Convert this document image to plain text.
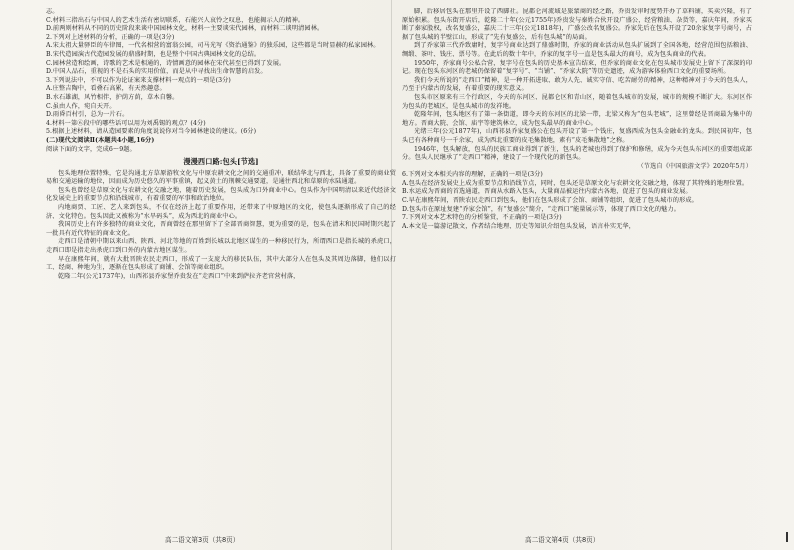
志。

C.材料三指出石与中国人的艺术生活有密切联系，石能兴人哀怜之叹息，也能揭示人的精神。

D.前两则材料从不同的历史阶段来谈中国园林文化，材料一主要谈宋代园林，而材料二谈明清园林。

2.下列对上述材料的分析，正确的一项是(3分)

A.宋太祖大量驿臣的车律图，一代名相营的富翁公园，司马光写《资治通鉴》的独乐园，这些都是当时显赫的私家园林。

B.宋代造园演古代造园发展的鼎盛时期，也是整个中国古典园林文化的总结。

C.园林营造和绘画，诗歌的艺术是相通的，诗情画意的园林在宋代甚至已得到了发展。

D.中国人品石，重视的不是石头的实用价值，而是从中寻找出生命智慧的启发。

3.下列说法中，不可以作为论证案来支撑材料一观点的一项是(3分)

A.庄整吉陶中，看叠石高累，有天然趣意。

B.水石雄湖，风竹相伴，护荫方荫，草木自馨。

C.虽由人作，宛自天开。

D.雨昏百村引，总为一片石。

4.材料一第⑥段中的哪些话可以用为刘禹锡的观点？(4分)

5.根据上述材料，请从造园要素的角度说说你对当今园林建设的建议。(6分)

(二)现代文阅读Ⅱ(本题共4小题,16分)

阅读下面的文字，完成6～9题。

漫漫西口路:包头[节选]

包头地理位置特殊，它是沟通北方草原游牧文化与中原农耕文化之间的交通重冲，联结华北与西北，具备了重要的商业贸易和交通运输的地位，因而成为历史悠久的军事重镇，起义黄土的荆棘交通要道，是通往西北和草原的水陆通道。

包头也曾经是草原文化与农耕文化交融之地，随着历史发展，包头成为口外商业中心。包头作为中国明清以来近代经济文化发展史上的重要节点和沿线城市，有着重要的军事和政治地位。

内地商贾、工匠、艺人来到包头，不仅在经济上起了重要作用，还带来了中原地区的文化，使包头逐渐形成了自己的经济、文化特色。包头因此又被称为“水旱码头”，成为西北的商业中心。

我国历史上有许多独特的商业文化，晋商曾经在那里留下了全部晋商智慧，更为重要的是，包头在清末和民国时期兴起了一批具有近代特征的商业文化。

走西口是清朝中期以来山西、陕西、河北等地的百姓到长城以北地区谋生的一种移民行为，所谓西口是指长城的杀虎口，走西口即是指走出杀虎口到口外的内蒙古地区谋生。

早在康熙年间，就有大批晋陕农民走西口，形成了一支庞大的移民队伍，其中大部分人在包头及其周边落脚，他们以打工、经商、种地为生，逐渐在包头形成了商铺、会馆等商业组织。

乾隆二年(公元1737年)，山西祁县乔家堡乔贵发在“走西口”中来到萨拉齐老官营村落，

脚，后移居包头在那里开设了西脚社。昆都仑河流域是旅蒙商的经之路，乔贵发审时度势开办了草料铺，买卖兴隆，有了原始积累。包头东街开店后，乾隆二十年(公元1755年)乔贵发与秦姓合伙开设广盛公，经营粮油、杂货等，嘉庆年间，乔家买断了秦家股权，改名复盛公，嘉庆二十三年(公元1818年)，广盛公改名复盛公。乔家先后在包头开设了20余家复字号商号，占据了包头城的半壁江山，形成了“先有复盛公，后有包头城”的局面。

到了乔家第三代乔致庸时，复字号商业达到了鼎盛时期，乔家的商业活动从包头扩展到了全国各地，经营范围包括粮油、绸缎、茶叶、钱庄、票号等。在此后的数十年中，乔家的复字号一直是包头最大的商号，成为包头商业的代表。

1950年，乔家商号公私合营，复字号在包头的历史基本宣告结束，但乔家的商业文化在包头城市发展史上留下了深深的印记。现在包头东河区的老城仍保留着“复字号”、“当铺”、“乔家大院”等历史遗迹，成为游客体验西口文化的重要场所。

我们今天所说的“走西口”精神，是一种开拓进取、敢为人先、诚实守信、吃苦耐劳的精神，这种精神对于今天的包头人，乃至于内蒙古的发展，有着重要的现实意义。

包头市区原来有三个行政区，今天的东河区、昆都仑区和青山区，随着包头城市的发展，城市的规模不断扩大。东河区作为包头的老城区，是包头城市的发祥地。

乾隆年间，包头地区有了第一条街道，即今天的东河区的北梁一带，北梁又称为“包头老城”，这里曾经是晋商最为集中的地方。晋商大院、会馆、庙宇等建筑林立，成为包头最早的商业中心。

光绪三年(公元1877年)，山西祁县乔家复盛公在包头开设了第一个钱庄，复盛西成为包头金融业的龙头。到民国初年，包头已有各种商号一千余家，成为西北重要的皮毛集散地，素有“皮毛集散地”之称。

1946年，包头解放，包头的民族工商业得到了新生，包头的老城也得到了保护和修缮，成为今天包头东河区的重要组成部分。包头人民继承了“走西口”精神，建设了一个现代化的新包头。

（节选自《中国旅游文学》2020年5月）

6.下列对文本相关内容的理解，正确的一项是(3分)

A.包头在经济发展史上成为重要节点和沿线节点，同时，包头还是草原文化与农耕文化交融之地，体现了其特殊的地理位置。

B.水运成为晋商的首选通道，晋商从水路入包头，大量商品被运往内蒙古各地，促进了包头的商业发展。

C.早在康熙年间，晋陕农民走西口到包头，他们在包头形成了会馆、商铺等组织，促进了包头城市的形成。

D.包头市在原址复建“乔家会馆”，有“复盛公”简介，“走西口”能量展示等，体现了西口文化的魅力。

7.下列对文本艺术特色的分析鉴赏，不正确的一项是(3分)

A.本文是一篇游记散文，作者结合地理、历史等知识介绍包头发展，语言朴实无华，

高二语文第3页（共8页）	高二语文第4页（共8页）
